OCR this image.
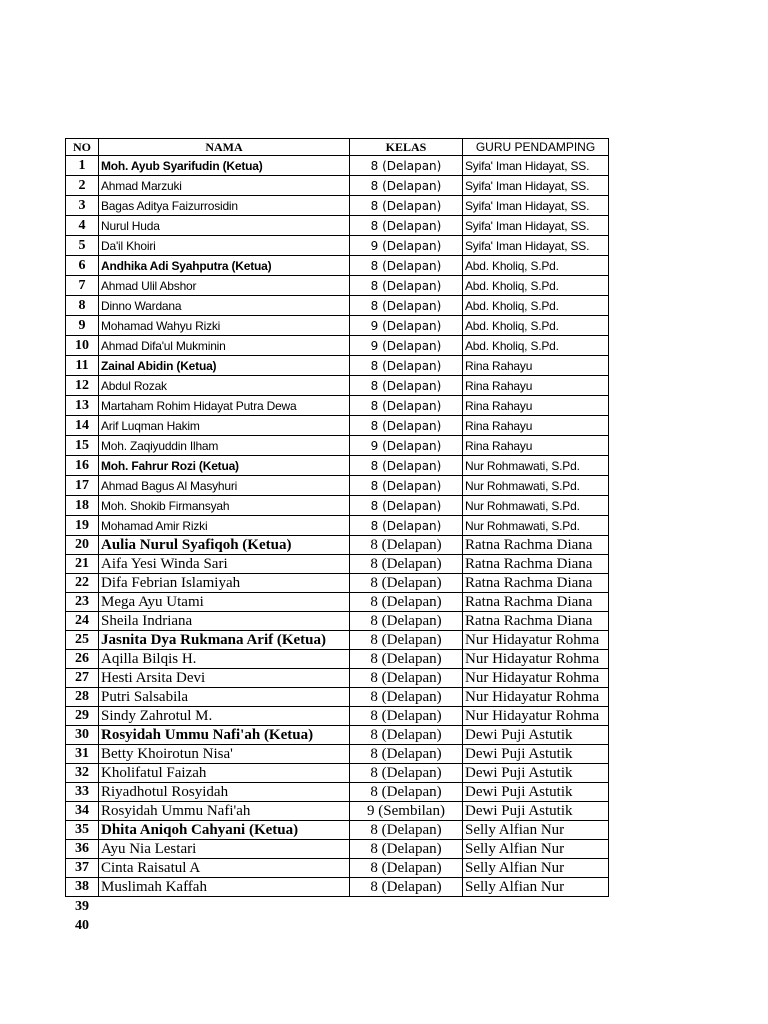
NO	NAMA	KELAS	GURU PENDAMPING
1	Moh. Ayub Syarifudin (Ketua)	8 (Delapan)	Syifa' Iman Hidayat, SS.
2	Ahmad Marzuki	8 (Delapan)	Syifa' Iman Hidayat, SS.
3	Bagas Aditya Faizurrosidin	8 (Delapan)	Syifa' Iman Hidayat, SS.
4	Nurul Huda	8 (Delapan)	Syifa' Iman Hidayat, SS.
5	Da'il Khoiri	9 (Delapan)	Syifa' Iman Hidayat, SS.
6	Andhika Adi Syahputra (Ketua)	8 (Delapan)	Abd. Kholiq, S.Pd.
7	Ahmad Ulil Abshor	8 (Delapan)	Abd. Kholiq, S.Pd.
8	Dinno Wardana	8 (Delapan)	Abd. Kholiq, S.Pd.
9	Mohamad Wahyu Rizki	9 (Delapan)	Abd. Kholiq, S.Pd.
10	Ahmad Difa'ul Mukminin	9 (Delapan)	Abd. Kholiq, S.Pd.
11	Zainal Abidin (Ketua)	8 (Delapan)	Rina Rahayu
12	Abdul Rozak	8 (Delapan)	Rina Rahayu
13	Martaham Rohim Hidayat Putra Dewa	8 (Delapan)	Rina Rahayu
14	Arif Luqman Hakim	8 (Delapan)	Rina Rahayu
15	Moh. Zaqiyuddin Ilham	9 (Delapan)	Rina Rahayu
16	Moh. Fahrur Rozi (Ketua)	8 (Delapan)	Nur Rohmawati, S.Pd.
17	Ahmad Bagus Al Masyhuri	8 (Delapan)	Nur Rohmawati, S.Pd.
18	Moh. Shokib Firmansyah	8 (Delapan)	Nur Rohmawati, S.Pd.
19	Mohamad Amir Rizki	8 (Delapan)	Nur Rohmawati, S.Pd.
20	Aulia Nurul Syafiqoh (Ketua)	8 (Delapan)	Ratna Rachma Diana
21	Aifa Yesi Winda Sari	8 (Delapan)	Ratna Rachma Diana
22	Difa Febrian Islamiyah	8 (Delapan)	Ratna Rachma Diana
23	Mega Ayu Utami	8 (Delapan)	Ratna Rachma Diana
24	Sheila Indriana	8 (Delapan)	Ratna Rachma Diana
25	Jasnita Dya Rukmana Arif (Ketua)	8 (Delapan)	Nur Hidayatur Rohma
26	Aqilla Bilqis H.	8 (Delapan)	Nur Hidayatur Rohma
27	Hesti Arsita Devi	8 (Delapan)	Nur Hidayatur Rohma
28	Putri Salsabila	8 (Delapan)	Nur Hidayatur Rohma
29	Sindy Zahrotul M.	8 (Delapan)	Nur Hidayatur Rohma
30	Rosyidah Ummu Nafi'ah (Ketua)	8 (Delapan)	Dewi Puji Astutik
31	Betty Khoirotun Nisa'	8 (Delapan)	Dewi Puji Astutik
32	Kholifatul Faizah	8 (Delapan)	Dewi Puji Astutik
33	Riyadhotul Rosyidah	8 (Delapan)	Dewi Puji Astutik
34	Rosyidah Ummu Nafi'ah	9 (Sembilan)	Dewi Puji Astutik
35	Dhita Aniqoh Cahyani (Ketua)	8 (Delapan)	Selly Alfian Nur
36	Ayu Nia Lestari	8 (Delapan)	Selly Alfian Nur
37	Cinta Raisatul A	8 (Delapan)	Selly Alfian Nur
38	Muslimah Kaffah	8 (Delapan)	Selly Alfian Nur
39			
40			
